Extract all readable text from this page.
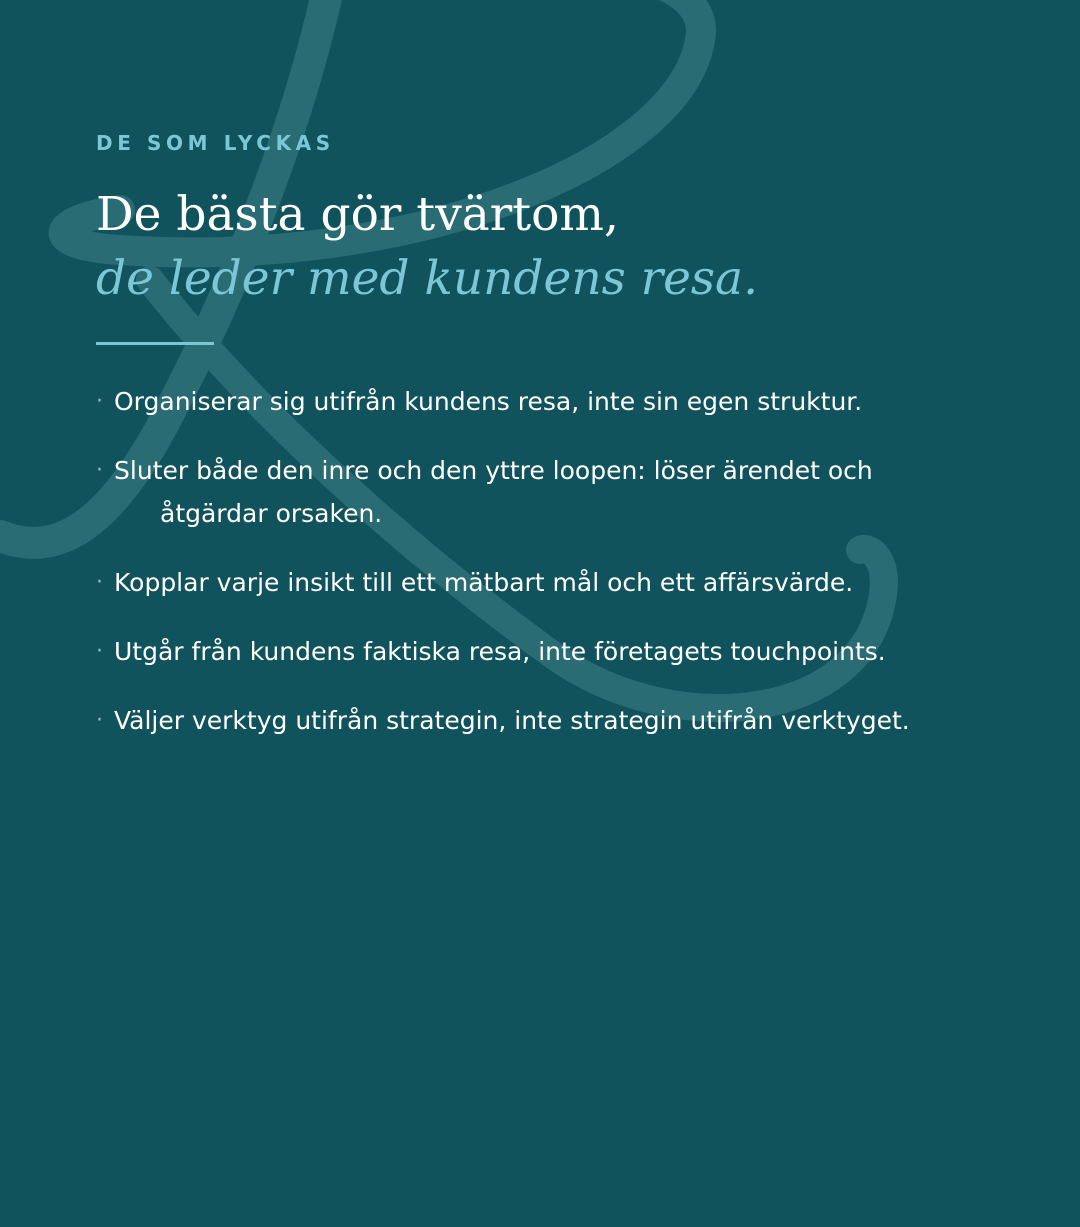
DE SOM LYCKAS
De bästa gör tvärtom,
de leder med kundens resa.
· Organiserar sig utifrån kundens resa, inte sin egen struktur.
· Sluter både den inre och den yttre loopen: löser ärendet och
åtgärdar orsaken.
· Kopplar varje insikt till ett mätbart mål och ett affärsvärde.
· Utgår från kundens faktiska resa, inte företagets touchpoints.
· Väljer verktyg utifrån strategin, inte strategin utifrån verktyget.
